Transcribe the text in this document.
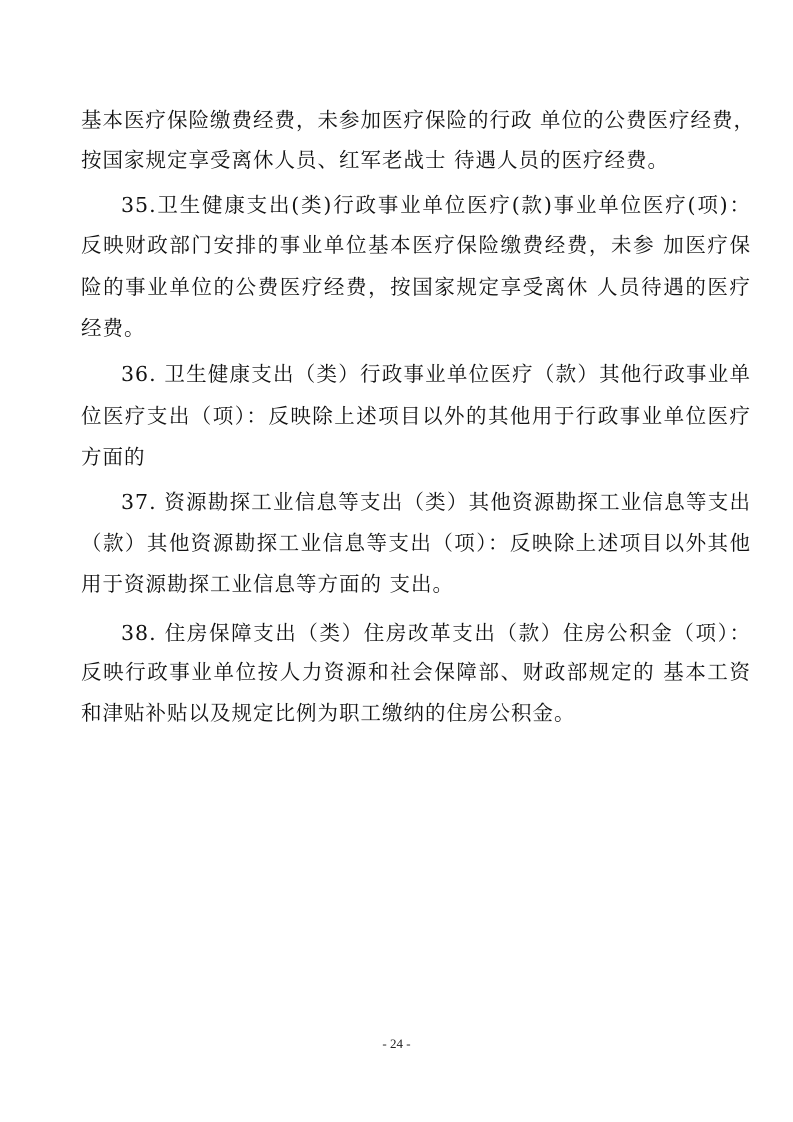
基本医疗保险缴费经费，未参加医疗保险的行政 单位的公费医疗经费，
按国家规定享受离休人员、红军老战士 待遇人员的医疗经费。
35.卫生健康支出(类)行政事业单位医疗(款)事业单位医疗(项)：
反映财政部门安排的事业单位基本医疗保险缴费经费，未参 加医疗保
险的事业单位的公费医疗经费，按国家规定享受离休 人员待遇的医疗
经费。
36. 卫生健康支出（类）行政事业单位医疗（款）其他行政事业单
位医疗支出（项）：反映除上述项目以外的其他用于行政事业单位医疗
方面的
37. 资源勘探工业信息等支出（类）其他资源勘探工业信息等支出
（款）其他资源勘探工业信息等支出（项）：反映除上述项目以外其他
用于资源勘探工业信息等方面的 支出。
38. 住房保障支出（类）住房改革支出（款）住房公积金（项）：
反映行政事业单位按人力资源和社会保障部、财政部规定的 基本工资
和津贴补贴以及规定比例为职工缴纳的住房公积金。
- 24 -
